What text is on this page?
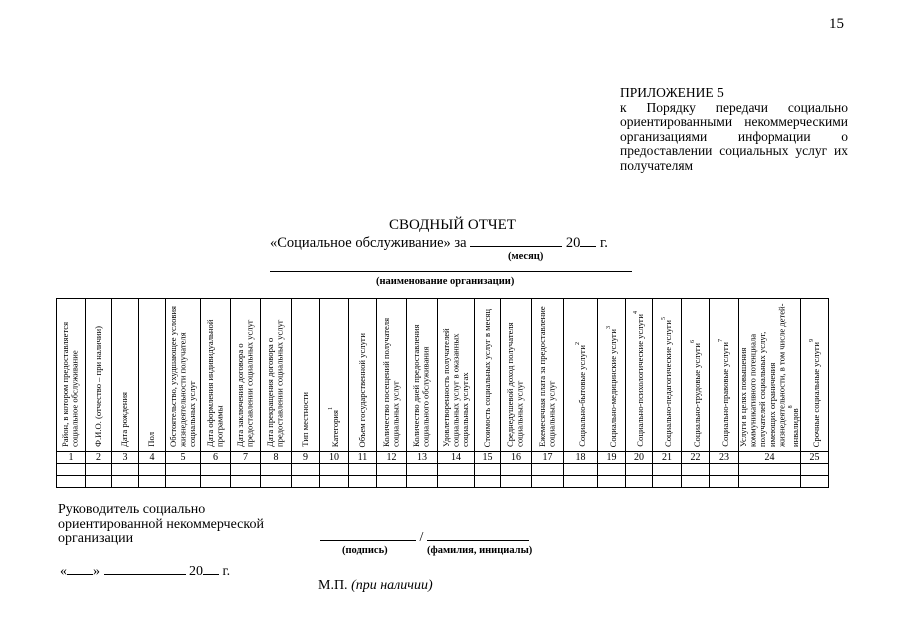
15
ПРИЛОЖЕНИЕ 5
к Порядку передачи социально ориентированными некоммерческими организациями информации о предоставлении социальных услуг их получателям
СВОДНЫЙ ОТЧЕТ
«Социальное обслуживание» за	20 г.
(месяц)
(наименование организации)
Район, в котором предоставляется социальное обслуживание	Ф.И.О. (отчество – при наличии)	Дата рождения	Пол	Обстоятельство, ухудшающее условия жизнедеятельности получателя социальных услуг	Дата оформления индивидуальной программы	Дата заключения договора о предоставлении социальных услуг	Дата прекращения договора о предоставлении социальных услуг	Тип местности	Категория$^1$	Объем государственной услуги	Количество посещений получателя социальных услуг	Количество дней предоставления социального обслуживания	Удовлетворенность получателей социальных услуг в оказанных социальных услугах	Стоимость социальных услуг в месяц	Среднедушевой доход получателя социальных услуг	Ежемесячная плата за предоставление социальных услуг	Социально-бытовые услуги$^2$	Социально-медицинские услуги$^3$	Социально-психологические услуги$^4$	Социально-педагогические услуги$^5$	Социально-трудовые услуги$^6$	Социально-правовые услуги$^7$	Услуги в целях повышения коммуникативного потенциала получателей социальных услуг, имеющих ограничения жизнедеятельности, в том числе детей-инвалидов$^8$	Срочные социальные услуги$^9$

1	2	3	4	5	6	7	8	9	10	11	12	13	14	15	16	17	18	19	20	21	22	23	24	25

Руководитель социально
ориентированной некоммерческой
организации	/
(подпись)	(фамилия, инициалы)
« »	20 г.
М.П. (при наличии)
